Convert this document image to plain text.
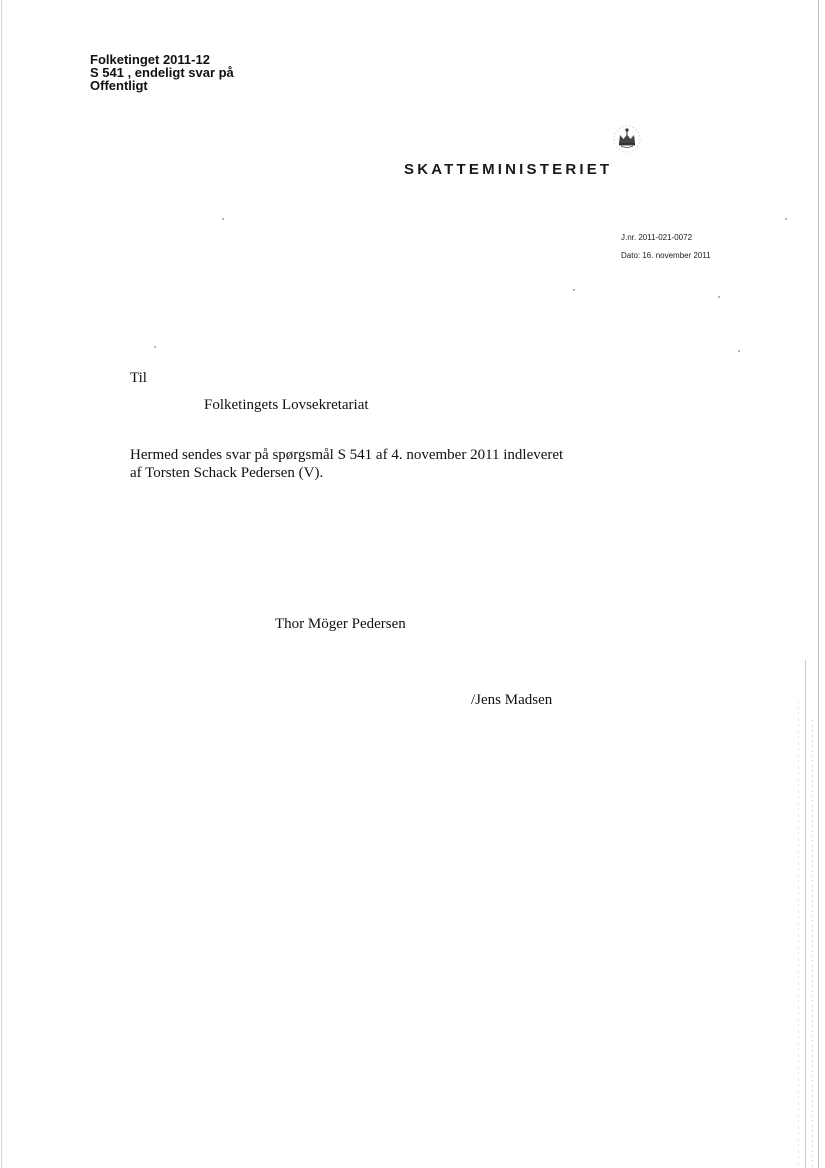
Folketinget 2011-12
S 541 , endeligt svar på
Offentligt
SKATTEMINISTERIET
J.nr. 2011-021-0072
Dato: 16. november 2011
Til
Folketingets Lovsekretariat
Hermed sendes svar på spørgsmål S 541 af 4. november 2011 indleveret
af Torsten Schack Pedersen (V).
Thor Möger Pedersen
/Jens Madsen
